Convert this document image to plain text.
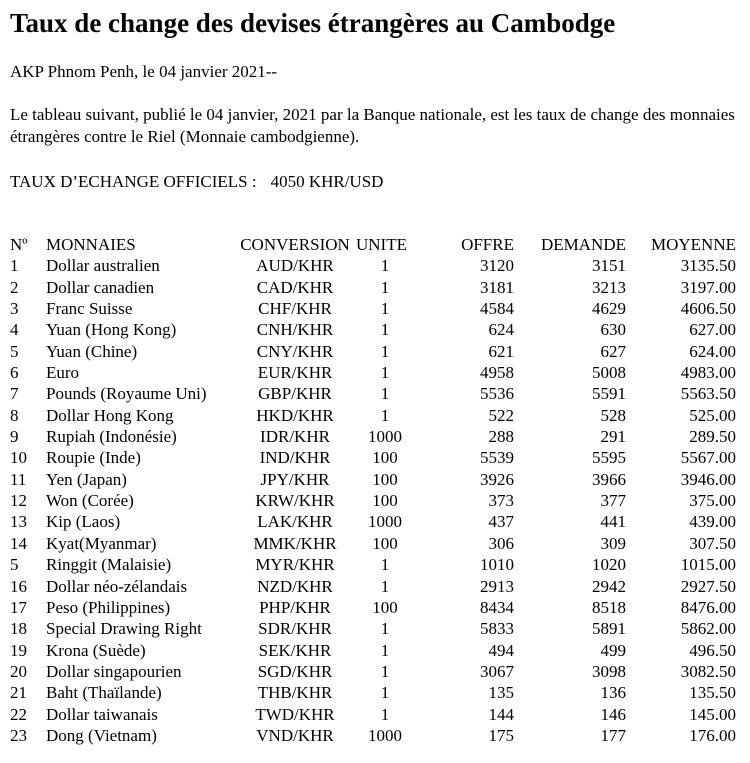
Taux de change des devises étrangères au Cambodge
AKP Phnom Penh, le 04 janvier 2021--
Le tableau suivant, publié le 04 janvier, 2021 par la Banque nationale, est les taux de change des monnaies étrangères contre le Riel (Monnaie cambodgienne).
TAUX D’ECHANGE OFFICIELS : 4050 KHR/USD
Nº MONNAIES	CONVERSION UNITE	OFFRE DEMANDE MOYENNE
1 Dollar australien	AUD/KHR	1	3120	3151	3135.50
2 Dollar canadien	CAD/KHR	1	3181	3213	3197.00
3 Franc Suisse	CHF/KHR	1	4584	4629	4606.50
4 Yuan (Hong Kong)	CNH/KHR	1	624	630	627.00
5 Yuan (Chine)	CNY/KHR	1	621	627	624.00
6 Euro	EUR/KHR	1	4958	5008	4983.00
7 Pounds (Royaume Uni)	GBP/KHR	1	5536	5591	5563.50
8 Dollar Hong Kong	HKD/KHR	1	522	528	525.00
9 Rupiah (Indonésie)	IDR/KHR	1000	288	291	289.50
10 Roupie (Inde)	IND/KHR	100	5539	5595	5567.00
11 Yen (Japan)	JPY/KHR	100	3926	3966	3946.00
12 Won (Corée)	KRW/KHR	100	373	377	375.00
13 Kip (Laos)	LAK/KHR	1000	437	441	439.00
14 Kyat(Myanmar)	MMK/KHR	100	306	309	307.50
5 Ringgit (Malaisie)	MYR/KHR	1	1010	1020	1015.00
16 Dollar néo-zélandais	NZD/KHR	1	2913	2942	2927.50
17 Peso (Philippines)	PHP/KHR	100	8434	8518	8476.00
18 Special Drawing Right	SDR/KHR	1	5833	5891	5862.00
19 Krona (Suède)	SEK/KHR	1	494	499	496.50
20 Dollar singapourien	SGD/KHR	1	3067	3098	3082.50
21 Baht (Thaïlande)	THB/KHR	1	135	136	135.50
22 Dollar taiwanais	TWD/KHR	1	144	146	145.00
23 Dong (Vietnam)	VND/KHR	1000	175	177	176.00
